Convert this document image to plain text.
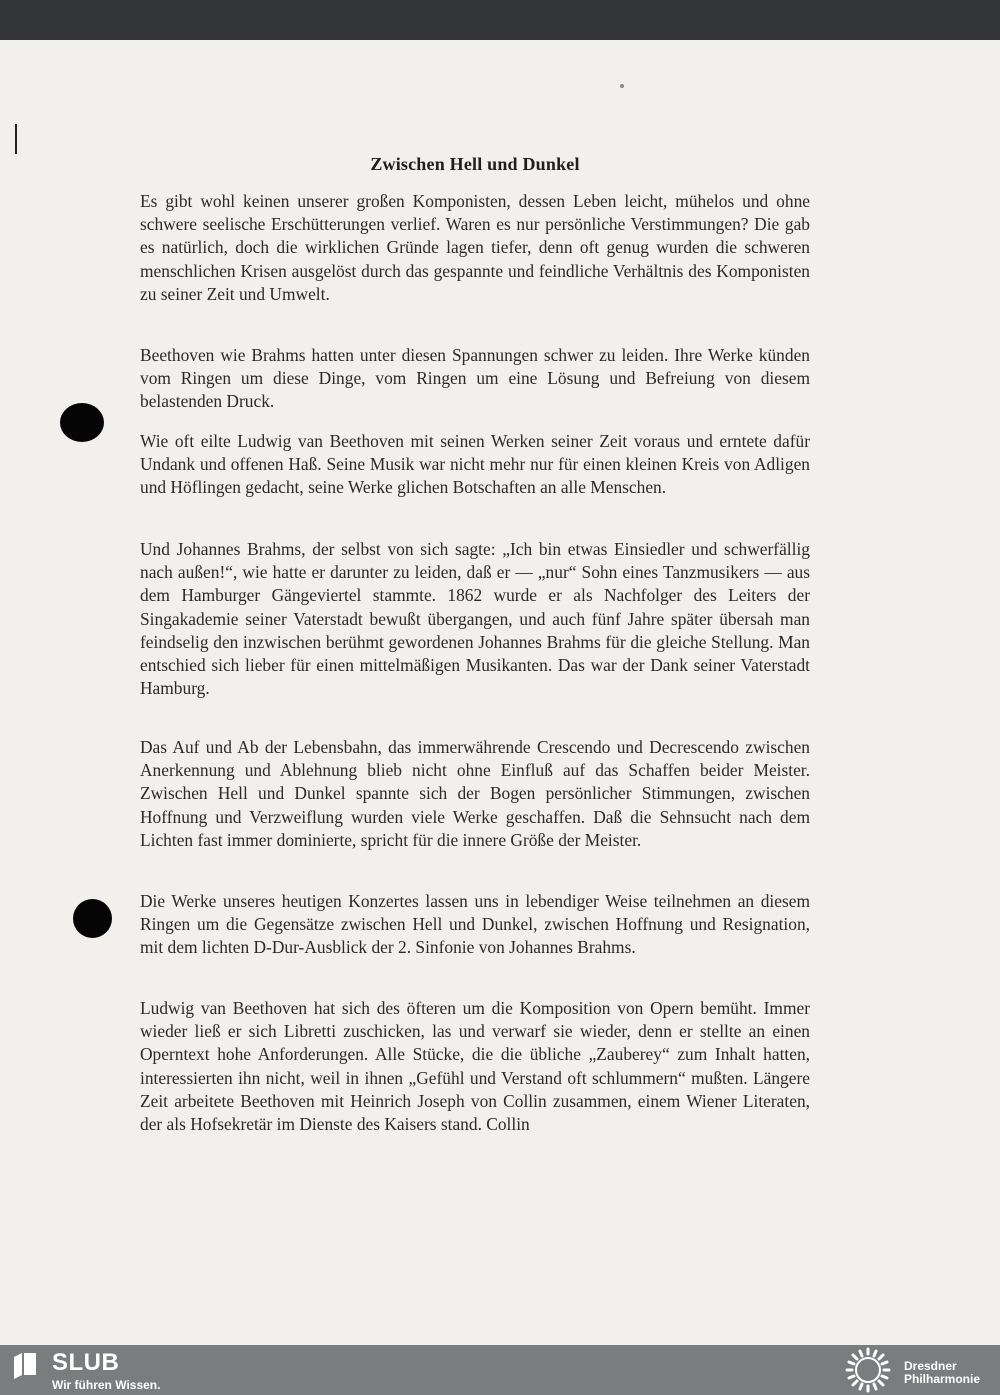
Zwischen Hell und Dunkel

Es gibt wohl keinen unserer großen Komponisten, dessen Leben leicht, mühelos und ohne schwere seelische Erschütterungen verlief. Waren es nur persönliche Verstimmungen? Die gab es natürlich, doch die wirklichen Gründe lagen tiefer, denn oft genug wurden die schweren menschlichen Krisen ausgelöst durch das gespannte und feindliche Verhältnis des Komponisten zu seiner Zeit und Umwelt.

Beethoven wie Brahms hatten unter diesen Spannungen schwer zu leiden. Ihre Werke künden vom Ringen um diese Dinge, vom Ringen um eine Lösung und Befreiung von diesem belastenden Druck.

Wie oft eilte Ludwig van Beethoven mit seinen Werken seiner Zeit voraus und erntete dafür Undank und offenen Haß. Seine Musik war nicht mehr nur für einen kleinen Kreis von Adligen und Höflingen gedacht, seine Werke glichen Botschaften an alle Menschen.

Und Johannes Brahms, der selbst von sich sagte: „Ich bin etwas Einsiedler und schwerfällig nach außen!“, wie hatte er darunter zu leiden, daß er — „nur“ Sohn eines Tanzmusikers — aus dem Hamburger Gängeviertel stammte. 1862 wurde er als Nachfolger des Leiters der Singakademie seiner Vaterstadt bewußt übergangen, und auch fünf Jahre später übersah man feindselig den inzwischen berühmt gewordenen Johannes Brahms für die gleiche Stellung. Man entschied sich lieber für einen mittelmäßigen Musikanten. Das war der Dank seiner Vaterstadt Hamburg.

Das Auf und Ab der Lebensbahn, das immerwährende Crescendo und Decrescendo zwischen Anerkennung und Ablehnung blieb nicht ohne Einfluß auf das Schaffen beider Meister. Zwischen Hell und Dunkel spannte sich der Bogen persönlicher Stimmungen, zwischen Hoffnung und Verzweiflung wurden viele Werke geschaffen. Daß die Sehnsucht nach dem Lichten fast immer dominierte, spricht für die innere Größe der Meister.

Die Werke unseres heutigen Konzertes lassen uns in lebendiger Weise teilnehmen an diesem Ringen um die Gegensätze zwischen Hell und Dunkel, zwischen Hoffnung und Resignation, mit dem lichten D-Dur-Ausblick der 2. Sinfonie von Johannes Brahms.

Ludwig van Beethoven hat sich des öfteren um die Komposition von Opern bemüht. Immer wieder ließ er sich Libretti zuschicken, las und verwarf sie wieder, denn er stellte an einen Operntext hohe Anforderungen. Alle Stücke, die die übliche „Zauberey“ zum Inhalt hatten, interessierten ihn nicht, weil in ihnen „Gefühl und Verstand oft schlummern“ mußten. Längere Zeit arbeitete Beethoven mit Heinrich Joseph von Collin zusammen, einem Wiener Literaten, der als Hofsekretär im Dienste des Kaisers stand. Collin

SLUB

Wir führen Wissen.

Dresdner
Philharmonie
